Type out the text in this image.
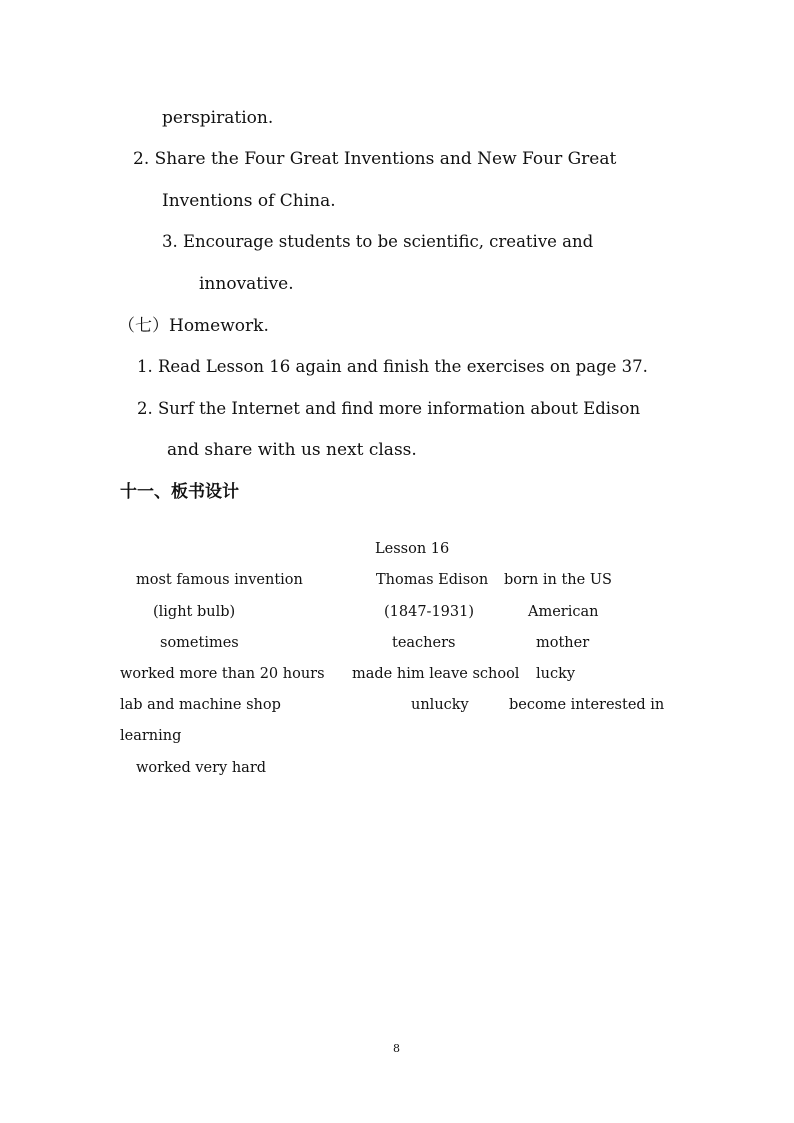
perspiration.
2. Share the Four Great Inventions and New Four Great
Inventions of China.
3. Encourage students to be scientific, creative and
innovative.
（七）Homework.
1. Read Lesson 16 again and finish the exercises on page 37.
2. Surf the Internet and find more information about Edison
and share with us next class.
十一、板书设计
Lesson 16
most famous invention	Thomas Edison born in the US
(light bulb)	(1847-1931)	American
sometimes	teachers	mother
worked more than 20 hours made him leave school lucky
lab and machine shop	unlucky	become interested in
learning
worked very hard
8
